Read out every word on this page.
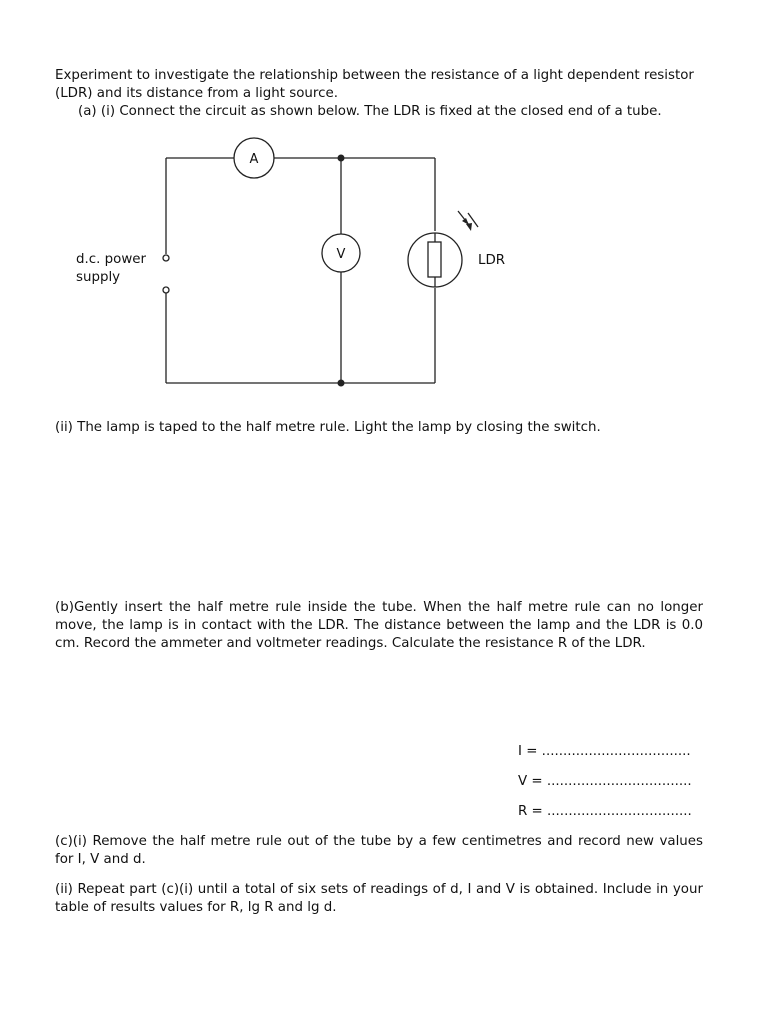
Experiment to investigate the relationship between the resistance of a light dependent resistor (LDR) and its distance from a light source.

(a) (i) Connect the circuit as shown below. The LDR is fixed at the closed end of a tube.

A
V	LDR
d.c. power
supply

(ii) The lamp is taped to the half metre rule. Light the lamp by closing the switch.

(b)Gently insert the half metre rule inside the tube. When the half metre rule can no longer move, the lamp is in contact with the LDR. The distance between the lamp and the LDR is 0.0 cm. Record the ammeter and voltmeter readings. Calculate the resistance R of the LDR.

I = ...................................
V = ..................................
R = ..................................

(c)(i) Remove the half metre rule out of the tube by a few centimetres and record new values for I, V and d.

(ii) Repeat part (c)(i) until a total of six sets of readings of d, I and V is obtained. Include in your table of results values for R, lg R and lg d.
